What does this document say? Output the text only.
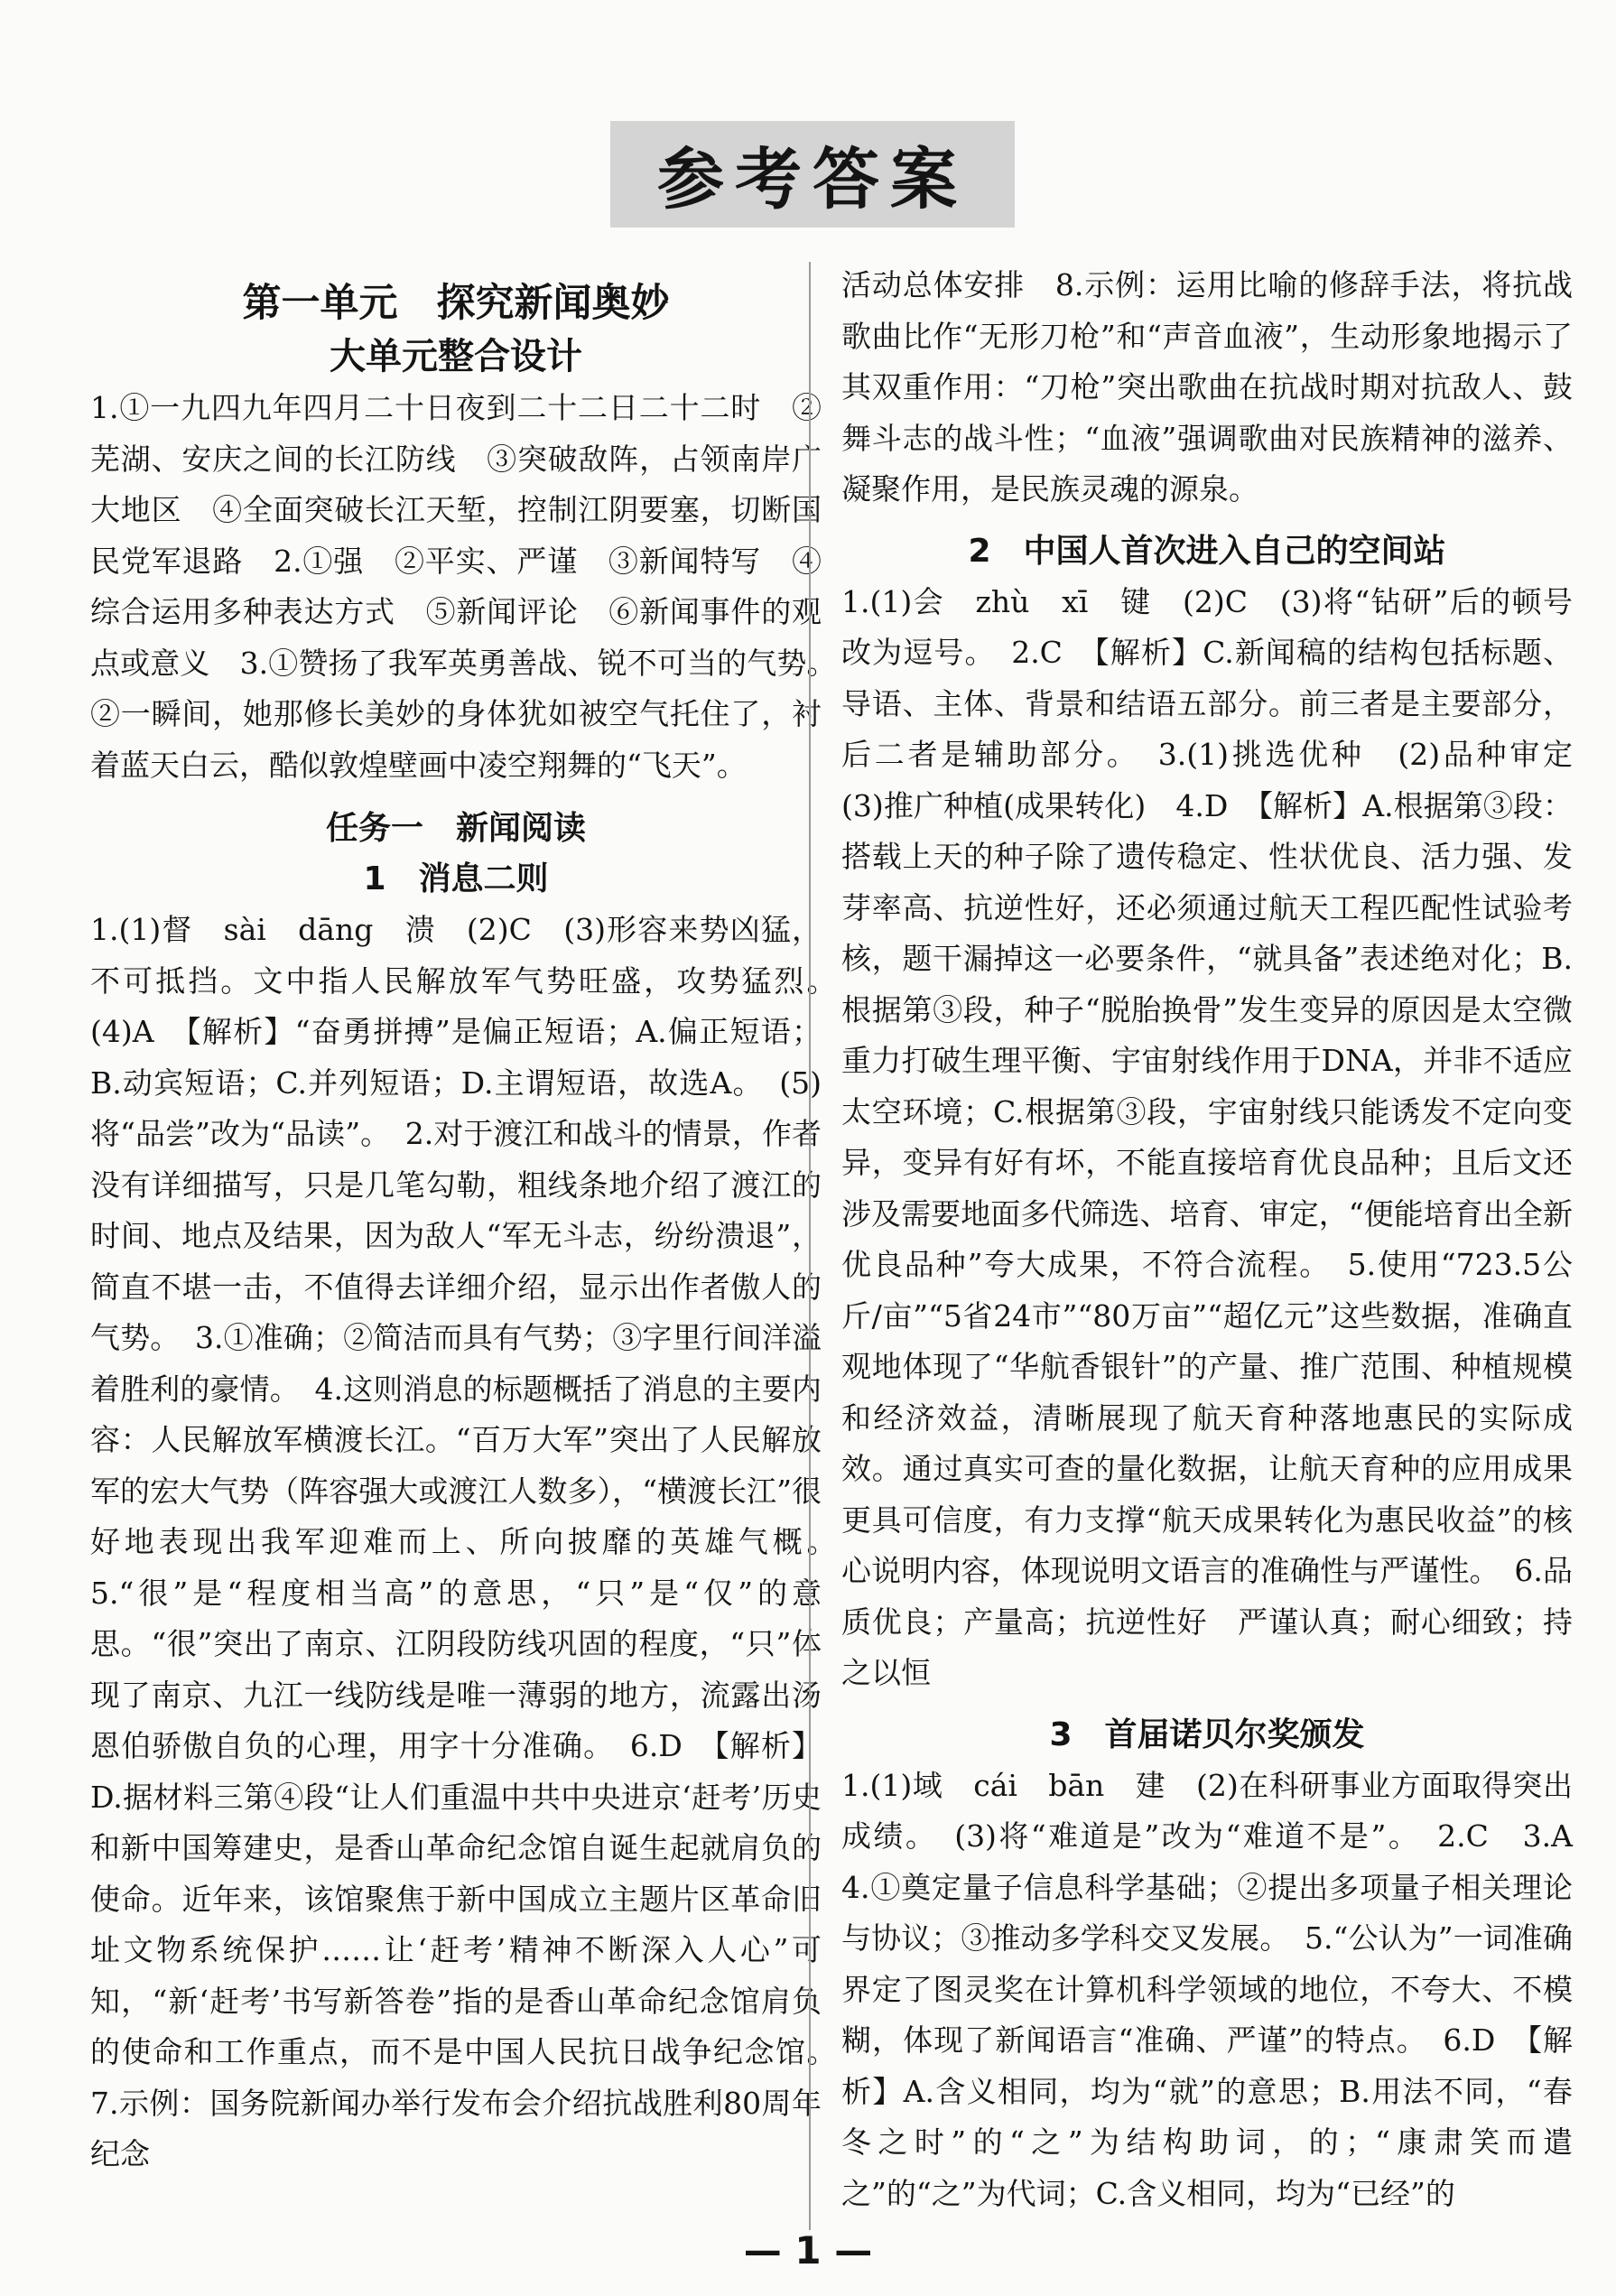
参考答案
第一单元　探究新闻奥妙
大单元整合设计

1.①一九四九年四月二十日夜到二十二日二十二时　②芜湖、安庆之间的长江防线　③突破敌阵，占领南岸广大地区　④全面突破长江天堑，控制江阴要塞，切断国民党军退路　2.①强　②平实、严谨　③新闻特写　④综合运用多种表达方式　⑤新闻评论　⑥新闻事件的观点或意义　3.①赞扬了我军英勇善战、锐不可当的气势。　②一瞬间，她那修长美妙的身体犹如被空气托住了，衬着蓝天白云，酷似敦煌壁画中凌空翔舞的“飞天”。

任务一　新闻阅读
1　消息二则

1.(1)督　sài　dāng　溃　(2)C　(3)形容来势凶猛，不可抵挡。文中指人民解放军气势旺盛，攻势猛烈。　(4)A　【解析】“奋勇拼搏”是偏正短语；A.偏正短语；B.动宾短语；C.并列短语；D.主谓短语，故选A。　(5)将“品尝”改为“品读”。　2.对于渡江和战斗的情景，作者没有详细描写，只是几笔勾勒，粗线条地介绍了渡江的时间、地点及结果，因为敌人“军无斗志，纷纷溃退”，简直不堪一击，不值得去详细介绍，显示出作者傲人的气势。　3.①准确；②简洁而具有气势；③字里行间洋溢着胜利的豪情。　4.这则消息的标题概括了消息的主要内容：人民解放军横渡长江。“百万大军”突出了人民解放军的宏大气势（阵容强大或渡江人数多），“横渡长江”很好地表现出我军迎难而上、所向披靡的英雄气概。　5.“很”是“程度相当高”的意思，“只”是“仅”的意思。“很”突出了南京、江阴段防线巩固的程度，“只”体现了南京、九江一线防线是唯一薄弱的地方，流露出汤恩伯骄傲自负的心理，用字十分准确。　6.D　【解析】D.据材料三第④段“让人们重温中共中央进京‘赶考’历史和新中国筹建史，是香山革命纪念馆自诞生起就肩负的使命。近年来，该馆聚焦于新中国成立主题片区革命旧址文物系统保护……让‘赶考’精神不断深入人心”可知，“新‘赶考’书写新答卷”指的是香山革命纪念馆肩负的使命和工作重点，而不是中国人民抗日战争纪念馆。　7.示例：国务院新闻办举行发布会介绍抗战胜利80周年纪念

活动总体安排　8.示例：运用比喻的修辞手法，将抗战歌曲比作“无形刀枪”和“声音血液”，生动形象地揭示了其双重作用：“刀枪”突出歌曲在抗战时期对抗敌人、鼓舞斗志的战斗性；“血液”强调歌曲对民族精神的滋养、凝聚作用，是民族灵魂的源泉。

2　中国人首次进入自己的空间站

1.(1)会　zhù　xī　键　(2)C　(3)将“钻研”后的顿号改为逗号。　2.C　【解析】C.新闻稿的结构包括标题、导语、主体、背景和结语五部分。前三者是主要部分，后二者是辅助部分。　3.(1)挑选优种　(2)品种审定　(3)推广种植(成果转化)　4.D　【解析】A.根据第③段：搭载上天的种子除了遗传稳定、性状优良、活力强、发芽率高、抗逆性好，还必须通过航天工程匹配性试验考核，题干漏掉这一必要条件，“就具备”表述绝对化；B.根据第③段，种子“脱胎换骨”发生变异的原因是太空微重力打破生理平衡、宇宙射线作用于DNA，并非不适应太空环境；C.根据第③段，宇宙射线只能诱发不定向变异，变异有好有坏，不能直接培育优良品种；且后文还涉及需要地面多代筛选、培育、审定，“便能培育出全新优良品种”夸大成果，不符合流程。　5.使用“723.5公斤/亩”“5省24市”“80万亩”“超亿元”这些数据，准确直观地体现了“华航香银针”的产量、推广范围、种植规模和经济效益，清晰展现了航天育种落地惠民的实际成效。通过真实可查的量化数据，让航天育种的应用成果更具可信度，有力支撑“航天成果转化为惠民收益”的核心说明内容，体现说明文语言的准确性与严谨性。　6.品质优良；产量高；抗逆性好　严谨认真；耐心细致；持之以恒

3　首届诺贝尔奖颁发

1.(1)域　cái　bān　建　(2)在科研事业方面取得突出成绩。　(3)将“难道是”改为“难道不是”。　2.C　3.A　4.①奠定量子信息科学基础；②提出多项量子相关理论与协议；③推动多学科交叉发展。　5.“公认为”一词准确界定了图灵奖在计算机科学领域的地位，不夸大、不模糊，体现了新闻语言“准确、严谨”的特点。　6.D　【解析】A.含义相同，均为“就”的意思；B.用法不同，“春冬之时”的“之”为结构助词，的；“康肃笑而遣之”的“之”为代词；C.含义相同，均为“已经”的

— 1 —
